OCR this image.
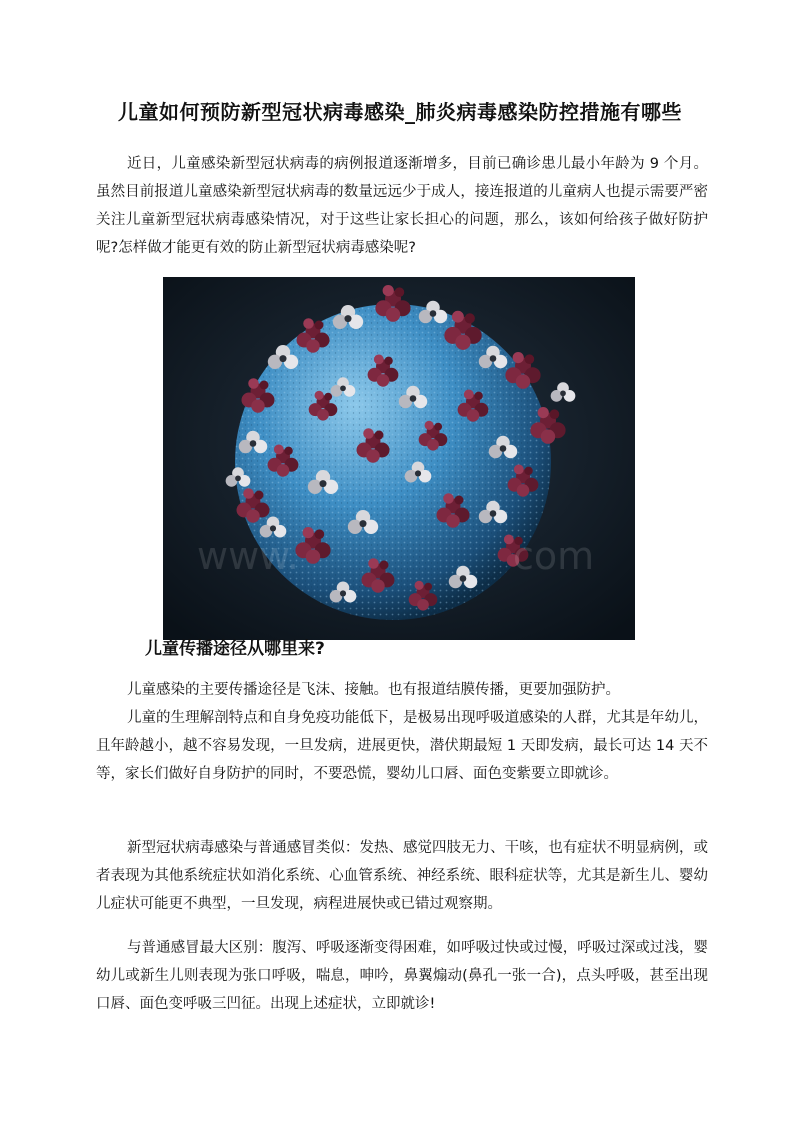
儿童如何预防新型冠状病毒感染_肺炎病毒感染防控措施有哪些

近日，儿童感染新型冠状病毒的病例报道逐渐增多，目前已确诊患儿最小年龄为 9 个月。虽然目前报道儿童感染新型冠状病毒的数量远远少于成人，接连报道的儿童病人也提示需要严密关注儿童新型冠状病毒感染情况，对于这些让家长担心的问题，那么，该如何给孩子做好防护呢?怎样做才能更有效的防止新型冠状病毒感染呢?

www.	com
儿童传播途径从哪里来?

儿童感染的主要传播途径是飞沫、接触。也有报道结膜传播，更要加强防护。

儿童的生理解剖特点和自身免疫功能低下，是极易出现呼吸道感染的人群，尤其是年幼儿，且年龄越小，越不容易发现，一旦发病，进展更快，潜伏期最短 1 天即发病，最长可达 14 天不等，家长们做好自身防护的同时，不要恐慌，婴幼儿口唇、面色变紫要立即就诊。

新型冠状病毒感染与普通感冒类似：发热、感觉四肢无力、干咳，也有症状不明显病例，或者表现为其他系统症状如消化系统、心血管系统、神经系统、眼科症状等，尤其是新生儿、婴幼儿症状可能更不典型，一旦发现，病程进展快或已错过观察期。

与普通感冒最大区别：腹泻、呼吸逐渐变得困难，如呼吸过快或过慢，呼吸过深或过浅，婴幼儿或新生儿则表现为张口呼吸，喘息，呻吟，鼻翼煽动(鼻孔一张一合)，点头呼吸，甚至出现口唇、面色变呼吸三凹征。出现上述症状，立即就诊!
